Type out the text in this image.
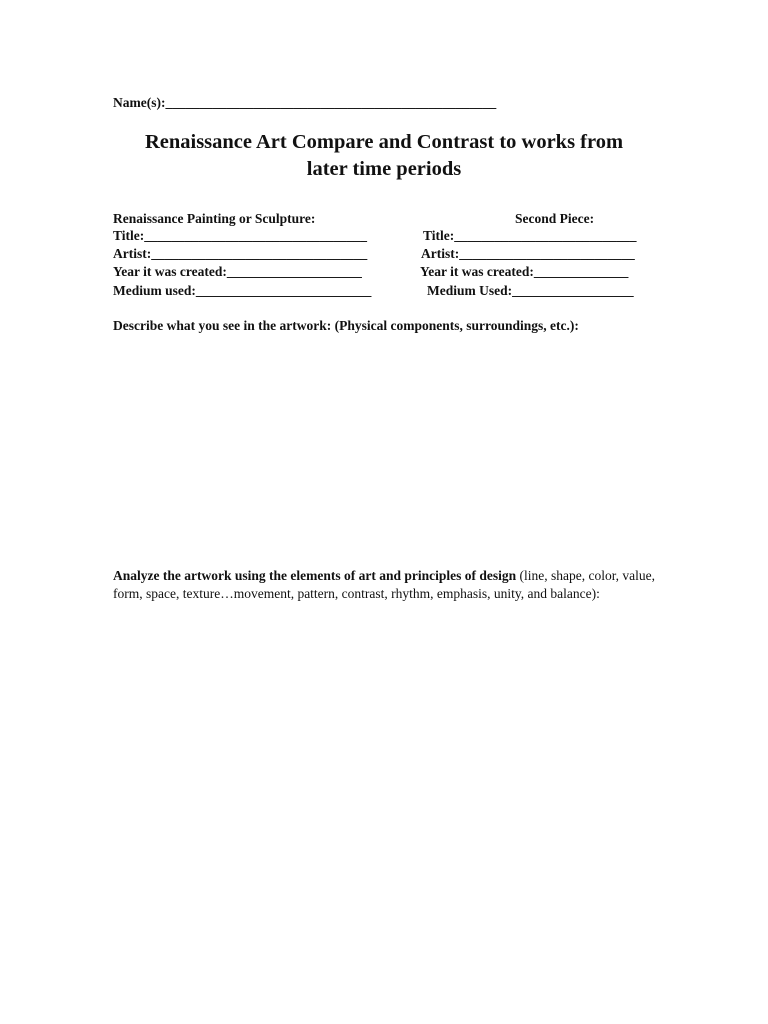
Name(s):_________________________________________________
Renaissance Art Compare and Contrast to works from
later time periods
Renaissance Painting or Sculpture:	Second Piece:
Title:_________________________________	Title:___________________________
Artist:________________________________	Artist:__________________________
Year it was created:____________________	Year it was created:______________
Medium used:__________________________	Medium Used:__________________
Describe what you see in the artwork: (Physical components, surroundings, etc.):
Analyze the artwork using the elements of art and principles of design (line, shape, color, value, form, space, texture…movement, pattern, contrast, rhythm, emphasis, unity, and balance):
